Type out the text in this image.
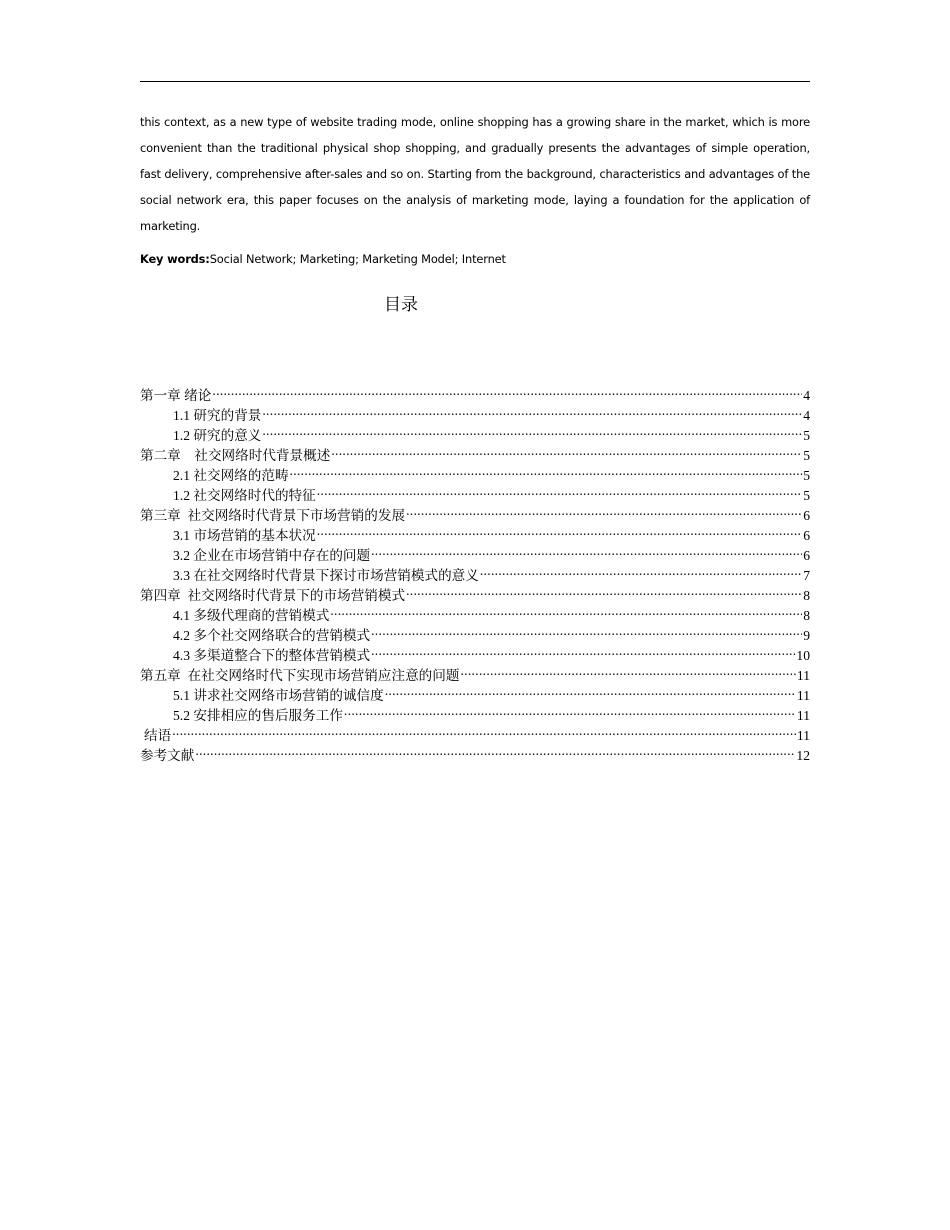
this context, as a new type of website trading mode, online shopping has a growing share in the market, which is more convenient than the traditional physical shop shopping, and gradually presents the advantages of simple operation, fast delivery, comprehensive after-sales and so on. Starting from the background, characteristics and advantages of the social network era, this paper focuses on the analysis of marketing mode, laying a foundation for the application of marketing.
Key words:Social Network; Marketing; Marketing Model; Internet
目录
第一章 绪论 .....	4
1.1 研究的背景 .....	4
1.2 研究的意义 .....	5
第二章    社交网络时代背景概述 .....	5
2.1 社交网络的范畴 .....	5
1.2 社交网络时代的特征 .....	5
第三章  社交网络时代背景下市场营销的发展 .....	6
3.1 市场营销的基本状况 .....	6
3.2 企业在市场营销中存在的问题 .....	6
3.3 在社交网络时代背景下探讨市场营销模式的意义 .....	7
第四章  社交网络时代背景下的市场营销模式 .....	8
4.1 多级代理商的营销模式 .....	8
4.2 多个社交网络联合的营销模式 .....	9
4.3 多渠道整合下的整体营销模式 .....	10
第五章  在社交网络时代下实现市场营销应注意的问题 .....	11
5.1 讲求社交网络市场营销的诚信度 .....	11
5.2 安排相应的售后服务工作 .....	11
结语 .....	11
参考文献 .....	12
